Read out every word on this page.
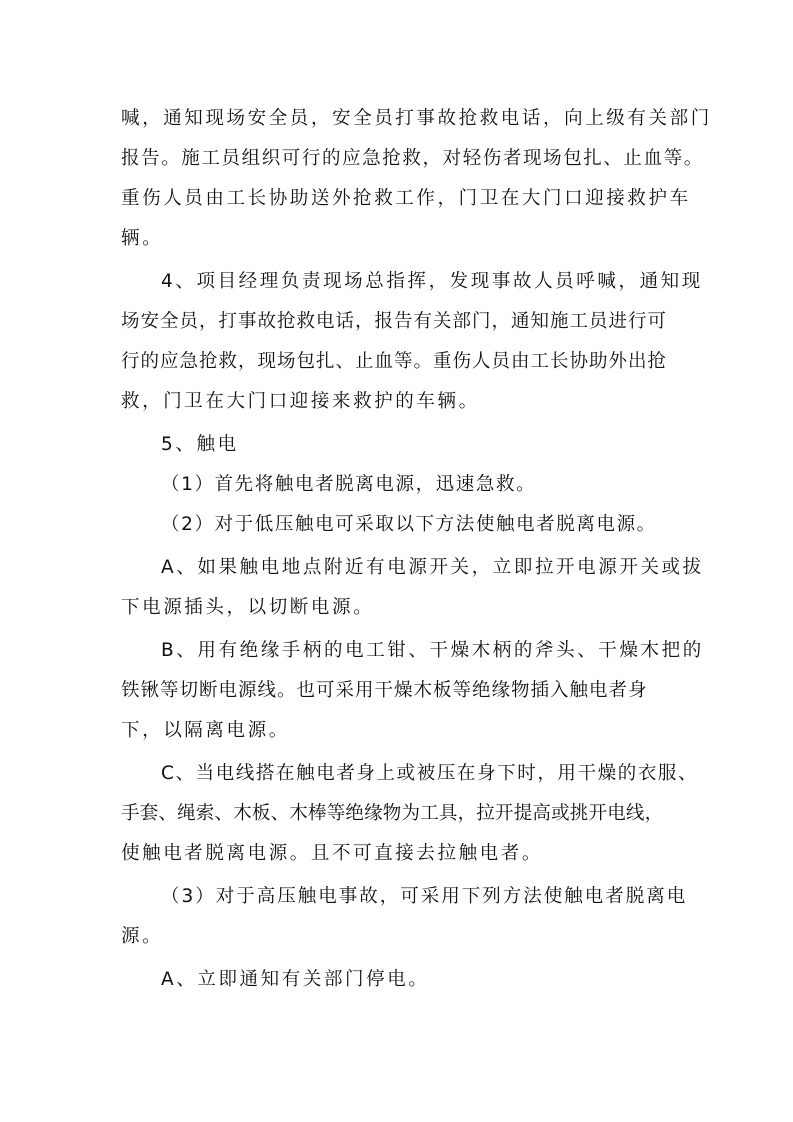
喊，通知现场安全员，安全员打事故抢救电话，向上级有关部门
报告。施工员组织可行的应急抢救，对轻伤者现场包扎、止血等。
重伤人员由工长协助送外抢救工作，门卫在大门口迎接救护车
辆。
4、项目经理负责现场总指挥，发现事故人员呼喊，通知现
场安全员，打事故抢救电话，报告有关部门，通知施工员进行可
行的应急抢救，现场包扎、止血等。重伤人员由工长协助外出抢
救，门卫在大门口迎接来救护的车辆。
5、触电
（1）首先将触电者脱离电源，迅速急救。
（2）对于低压触电可采取以下方法使触电者脱离电源。
A、如果触电地点附近有电源开关，立即拉开电源开关或拔
下电源插头，以切断电源。
B、用有绝缘手柄的电工钳、干燥木柄的斧头、干燥木把的
铁锹等切断电源线。也可采用干燥木板等绝缘物插入触电者身
下，以隔离电源。
C、当电线搭在触电者身上或被压在身下时，用干燥的衣服、
手套、绳索、木板、木棒等绝缘物为工具，拉开提高或挑开电线，
使触电者脱离电源。且不可直接去拉触电者。
（3）对于高压触电事故，可采用下列方法使触电者脱离电
源。
A、立即通知有关部门停电。
